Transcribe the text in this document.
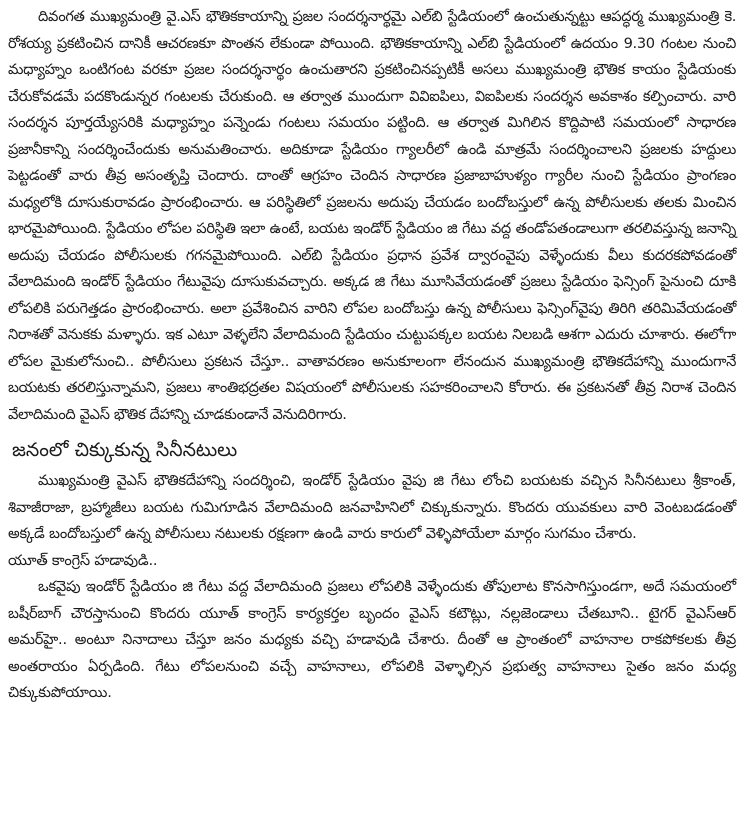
దివంగత ముఖ్యమంత్రి వై.ఎస్ భౌతికకాయాన్ని ప్రజల సందర్శనార్థమై ఎల్‌బి స్టేడియంలో ఉంచుతున్నట్టు ఆపద్ధర్మ ముఖ్యమంత్రి కె. రోశయ్య ప్రకటించిన దానికీ ఆచరణకూ పొంతన లేకుండా పోయింది. భౌతికకాయాన్ని ఎల్‌బి స్టేడియంలో ఉదయం 9.30 గంటల నుంచి మధ్యాహ్నం ఒంటిగంట వరకూ ప్రజల సందర్శనార్థం ఉంచుతారని ప్రకటించినప్పటికీ అసలు ముఖ్యమంత్రి భౌతిక కాయం స్టేడియంకు చేరుకోవడమే పదకొండున్నర గంటలకు చేరుకుంది. ఆ తర్వాత ముందుగా వివిఐపిలు, విఐపిలకు సందర్శన అవకాశం కల్పించారు. వారి సందర్శన పూర్తయ్యేసరికి మధ్యాహ్నం పన్నెండు గంటలు సమయం పట్టింది. ఆ తర్వాత మిగిలిన కొద్దిపాటి సమయంలో సాధారణ ప్రజానీకాన్ని సందర్శించేందుకు అనుమతించారు. అదికూడా స్టేడియం గ్యాలరీలో ఉండి మాత్రమే సందర్శించాలని ప్రజలకు హద్దులు పెట్టడంతో వారు తీవ్ర అసంతృప్తి చెందారు. దాంతో ఆగ్రహం చెందిన సాధారణ ప్రజాబాహుళ్యం గ్యారీల నుంచి స్టేడియం ప్రాంగణం మధ్యలోకి దూసుకురావడం ప్రారంభించారు. ఆ పరిస్థితిలో ప్రజలను అదుపు చేయడం బందోబస్తులో ఉన్న పోలీసులకు తలకు మించిన భారమైపోయింది. స్టేడియం లోపల పరిస్థితి ఇలా ఉంటే, బయట ఇండోర్ స్టేడియం జి గేటు వద్ద తండోపతండాలుగా తరలివస్తున్న జనాన్ని అదుపు చేయడం పోలీసులకు గగనమైపోయింది. ఎల్‌బి స్టేడియం ప్రధాన ప్రవేశ ద్వారంవైపు వెళ్ళేందుకు వీలు కుదరకపోవడంతో వేలాదిమంది ఇండోర్ స్టేడియం గేటువైపు దూసుకువచ్చారు. అక్కడ జి గేటు మూసివేయడంతో ప్రజలు స్టేడియం ఫెన్సింగ్ పైనుంచి దూకి లోపలికి పరుగెత్తడం ప్రారంభించారు. అలా ప్రవేశించిన వారిని లోపల బందోబస్తు ఉన్న పోలీసులు ఫెన్సింగ్‌వైపు తిరిగి తరిమివేయడంతో నిరాశతో వెనుకకు మళ్ళారు. ఇక ఎటూ వెళ్ళలేని వేలాదిమంది స్టేడియం చుట్టుపక్కల బయట నిలబడి ఆశగా ఎదురు చూశారు. ఈలోగా లోపల మైకులోనుంచి.. పోలీసులు ప్రకటన చేస్తూ.. వాతావరణం అనుకూలంగా లేనందున ముఖ్యమంత్రి భౌతికదేహాన్ని ముందుగానే బయటకు తరలిస్తున్నామని, ప్రజలు శాంతిభద్రతల విషయంలో పోలీసులకు సహకరించాలని కోరారు. ఈ ప్రకటనతో తీవ్ర నిరాశ చెందిన వేలాదిమంది వైఎస్ భౌతిక దేహాన్ని చూడకుండానే వెనుదిరిగారు.

జనంలో చిక్కుకున్న సినీనటులు

ముఖ్యమంత్రి వైఎస్ భౌతికదేహాన్ని సందర్శించి, ఇండోర్ స్టేడియం వైపు జి గేటు లోంచి బయటకు వచ్చిన సినీనటులు శ్రీకాంత్, శివాజీరాజా, బ్రహ్మాజీలు బయట గుమిగూడిన వేలాదిమంది జనవాహినిలో చిక్కుకున్నారు. కొందరు యువకులు వారి వెంటబడడంతో అక్కడే బందోబస్తులో ఉన్న పోలీసులు నటులకు రక్షణగా ఉండి వారు కారులో వెళ్ళిపోయేలా మార్గం సుగమం చేశారు.

యూత్ కాంగ్రెస్ హడావుడి..

ఒకవైపు ఇండోర్ స్టేడియం జి గేటు వద్ద వేలాదిమంది ప్రజలు లోపలికి వెళ్ళేందుకు తోపులాట కొనసాగిస్తుండగా, అదే సమయంలో బషీర్‌బాగ్ చౌరస్తానుంచి కొందరు యూత్ కాంగ్రెస్ కార్యకర్తల బృందం వైఎస్ కటౌట్లు, నల్లజెండాలు చేతబూని.. టైగర్ వైఎస్ఆర్ అమర్‌హై.. అంటూ నినాదాలు చేస్తూ జనం మధ్యకు వచ్చి హడావుడి చేశారు. దీంతో ఆ ప్రాంతంలో వాహనాల రాకపోకలకు తీవ్ర అంతరాయం ఏర్పడింది. గేటు లోపలనుంచి వచ్చే వాహనాలు, లోపలికి వెళ్ళాల్సిన ప్రభుత్వ వాహనాలు సైతం జనం మధ్య చిక్కుకుపోయాయి.
